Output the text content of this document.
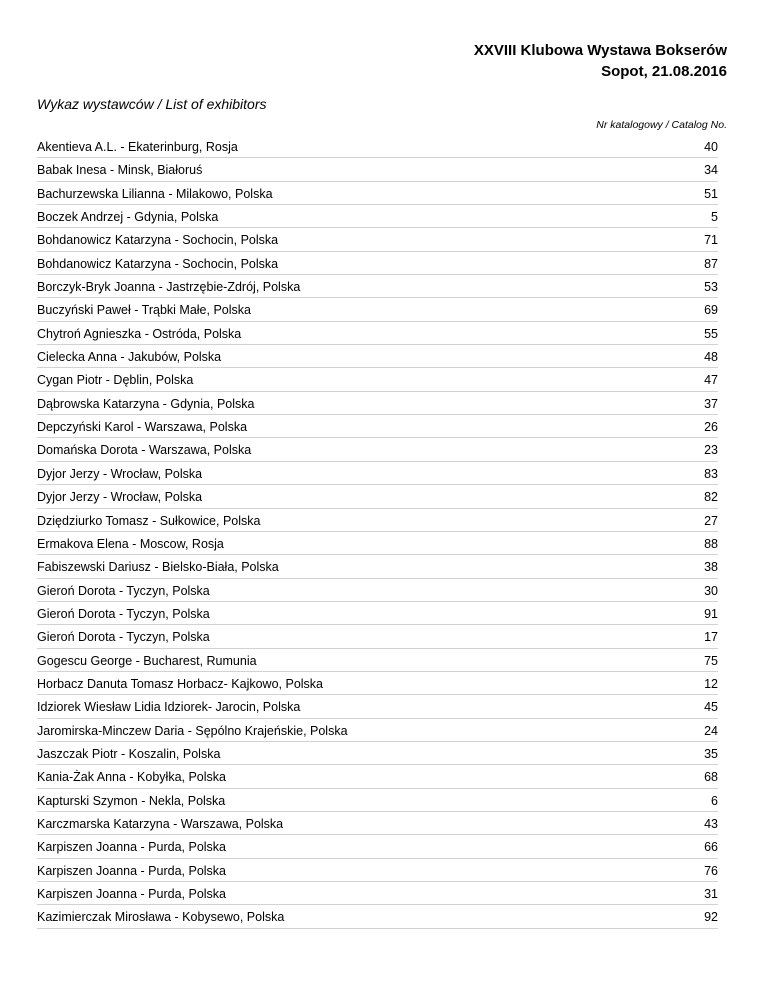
XXVIII Klubowa Wystawa Bokserów
Sopot, 21.08.2016
Wykaz wystawców / List of exhibitors
Nr katalogowy / Catalog No.
Akentieva A.L. - Ekaterinburg, Rosja	40
Babak Inesa - Minsk, Białoruś	34
Bachurzewska Lilianna - Milakowo, Polska	51
Boczek Andrzej - Gdynia, Polska	5
Bohdanowicz Katarzyna - Sochocin, Polska	71
Bohdanowicz Katarzyna - Sochocin, Polska	87
Borczyk-Bryk Joanna - Jastrzębie-Zdrój, Polska	53
Buczyński Paweł - Trąbki Małe, Polska	69
Chytroń Agnieszka - Ostróda, Polska	55
Cielecka Anna - Jakubów, Polska	48
Cygan Piotr - Dęblin, Polska	47
Dąbrowska Katarzyna - Gdynia, Polska	37
Depczyński Karol - Warszawa, Polska	26
Domańska Dorota - Warszawa, Polska	23
Dyjor Jerzy - Wrocław, Polska	83
Dyjor Jerzy - Wrocław, Polska	82
Dziędziurko Tomasz - Sułkowice, Polska	27
Ermakova Elena - Moscow, Rosja	88
Fabiszewski Dariusz - Bielsko-Biała, Polska	38
Gieroń Dorota - Tyczyn, Polska	30
Gieroń Dorota - Tyczyn, Polska	91
Gieroń Dorota - Tyczyn, Polska	17
Gogescu George - Bucharest, Rumunia	75
Horbacz Danuta Tomasz Horbacz- Kajkowo, Polska	12
Idziorek Wiesław Lidia Idziorek- Jarocin, Polska	45
Jaromirska-Minczew Daria - Sępólno Krajeńskie, Polska	24
Jaszczak Piotr - Koszalin, Polska	35
Kania-Żak Anna - Kobyłka, Polska	68
Kapturski Szymon - Nekla, Polska	6
Karczmarska Katarzyna - Warszawa, Polska	43
Karpiszen Joanna - Purda, Polska	66
Karpiszen Joanna - Purda, Polska	76
Karpiszen Joanna - Purda, Polska	31
Kazimierczak Mirosława - Kobysewo, Polska	92
